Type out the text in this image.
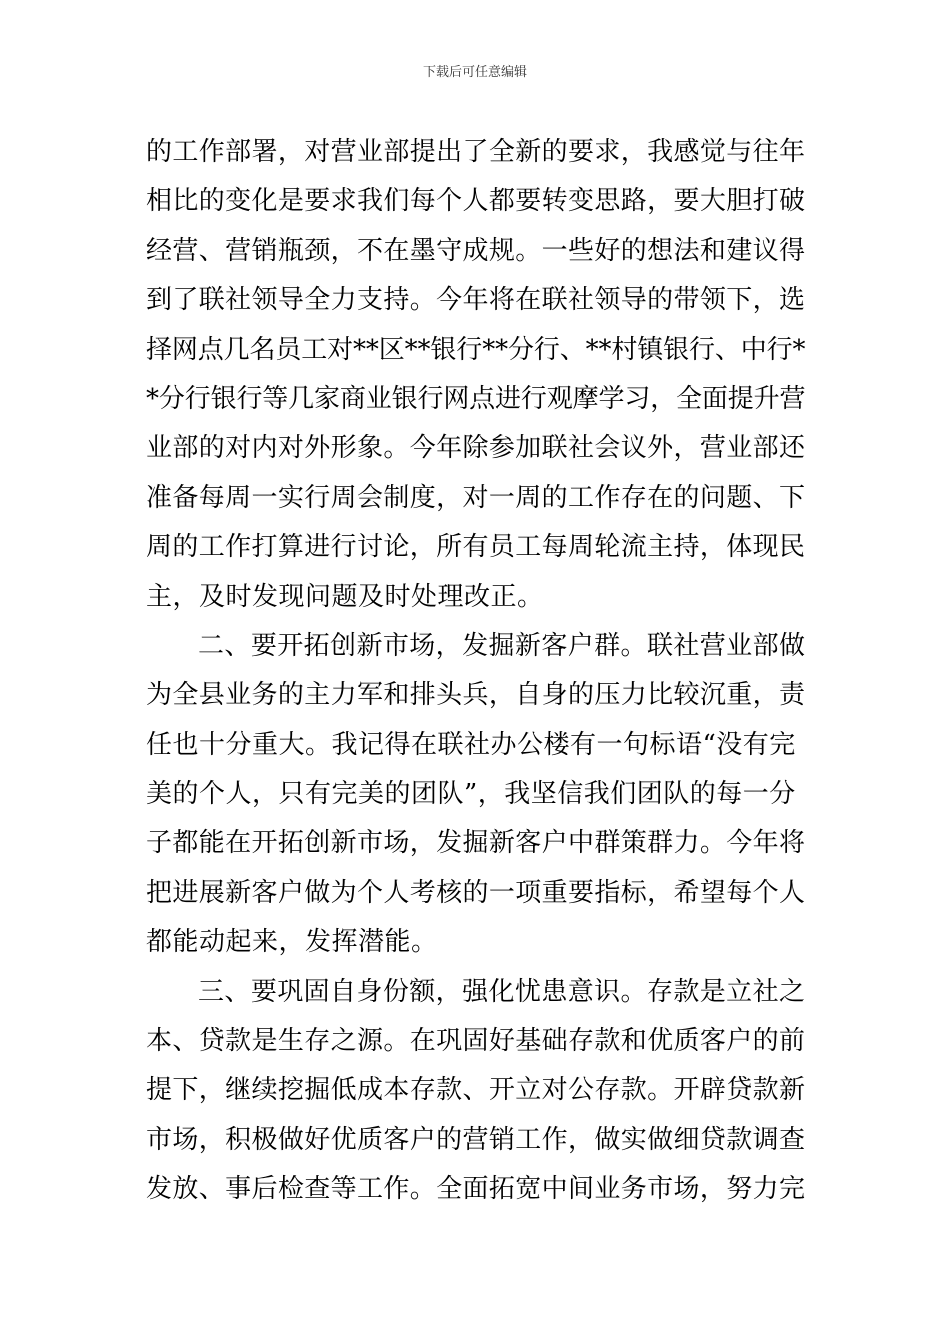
下载后可任意编辑
的工作部署，对营业部提出了全新的要求，我感觉与往年
相比的变化是要求我们每个人都要转变思路，要大胆打破
经营、营销瓶颈，不在墨守成规。一些好的想法和建议得
到了联社领导全力支持。今年将在联社领导的带领下，选
择网点几名员工对**区**银行**分行、**村镇银行、中行*
*分行银行等几家商业银行网点进行观摩学习，全面提升营
业部的对内对外形象。今年除参加联社会议外，营业部还
准备每周一实行周会制度，对一周的工作存在的问题、下
周的工作打算进行讨论，所有员工每周轮流主持，体现民
主，及时发现问题及时处理改正。
二、要开拓创新市场，发掘新客户群。联社营业部做
为全县业务的主力军和排头兵，自身的压力比较沉重，责
任也十分重大。我记得在联社办公楼有一句标语“没有完
美的个人，只有完美的团队”，我坚信我们团队的每一分
子都能在开拓创新市场，发掘新客户中群策群力。今年将
把进展新客户做为个人考核的一项重要指标，希望每个人
都能动起来，发挥潜能。
三、要巩固自身份额，强化忧患意识。存款是立社之
本、贷款是生存之源。在巩固好基础存款和优质客户的前
提下，继续挖掘低成本存款、开立对公存款。开辟贷款新
市场，积极做好优质客户的营销工作，做实做细贷款调查
发放、事后检查等工作。全面拓宽中间业务市场，努力完
